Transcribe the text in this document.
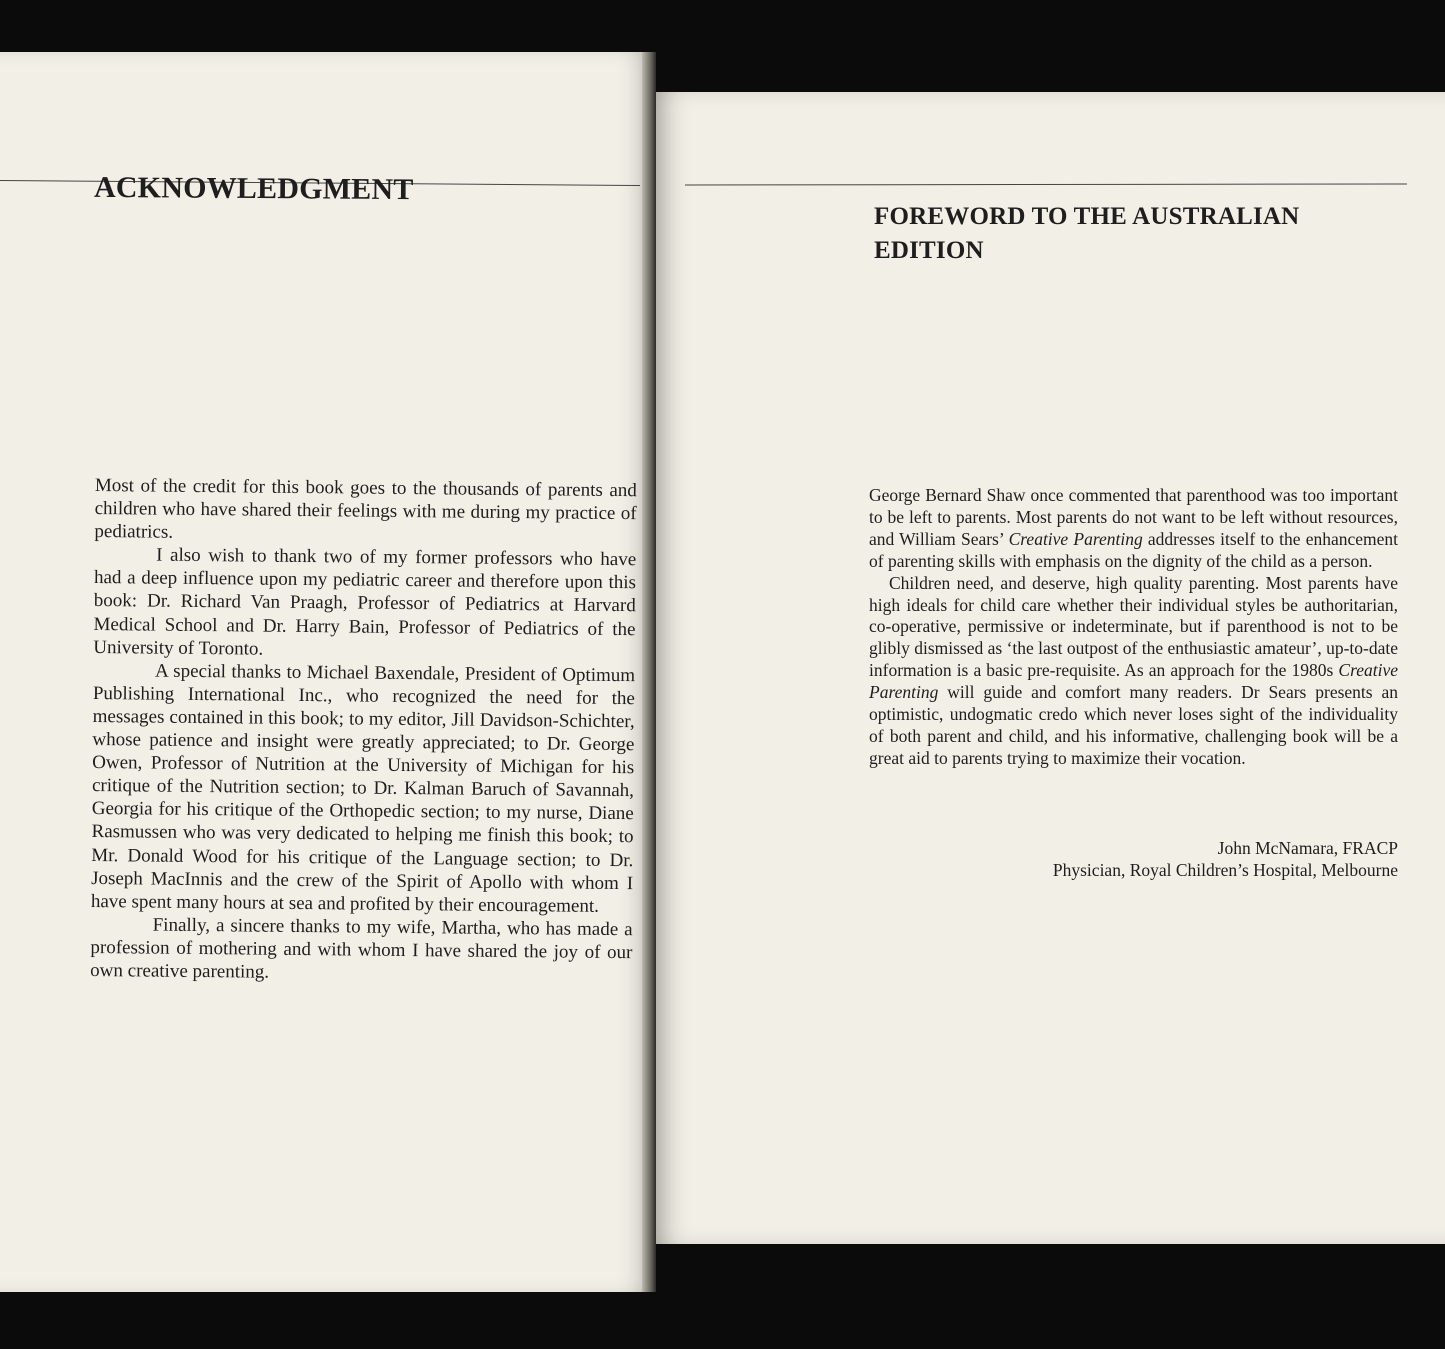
FOREWORD TO THE AUSTRALIAN EDITION

George Bernard Shaw once commented that parenthood was too important to be left to parents. Most parents do not want to be left without resources, and William Sears’ Creative Parenting addresses itself to the enhancement of parenting skills with emphasis on the dignity of the child as a person.

Children need, and deserve, high quality parenting. Most parents have high ideals for child care whether their individual styles be authoritarian, co-operative, permissive or indeterminate, but if parenthood is not to be glibly dismissed as ‘the last outpost of the enthusiastic amateur’, up-to-date information is a basic pre-requisite. As an approach for the 1980s Creative Parenting will guide and comfort many readers. Dr Sears presents an optimistic, undogmatic credo which never loses sight of the individuality of both parent and child, and his informative, challenging book will be a great aid to parents trying to maximize their vocation.

John McNamara, FRACP
Physician, Royal Children’s Hospital, Melbourne
ACKNOWLEDGMENT

Most of the credit for this book goes to the thousands of parents and children who have shared their feelings with me during my practice of pediatrics.

I also wish to thank two of my former professors who have had a deep influence upon my pediatric career and therefore upon this book: Dr. Richard Van Praagh, Professor of Pediatrics at Harvard Medical School and Dr. Harry Bain, Professor of Pediatrics of the University of Toronto.

A special thanks to Michael Baxendale, President of Optimum Publishing International Inc., who recognized the need for the messages contained in this book; to my editor, Jill Davidson-Schichter, whose patience and insight were greatly appreciated; to Dr. George Owen, Professor of Nutrition at the University of Michigan for his critique of the Nutrition section; to Dr. Kalman Baruch of Savannah, Georgia for his critique of the Orthopedic section; to my nurse, Diane Rasmussen who was very dedicated to helping me finish this book; to Mr. Donald Wood for his critique of the Language section; to Dr. Joseph MacInnis and the crew of the Spirit of Apollo with whom I have spent many hours at sea and profited by their encouragement.

Finally, a sincere thanks to my wife, Martha, who has made a profession of mothering and with whom I have shared the joy of our own creative parenting.
